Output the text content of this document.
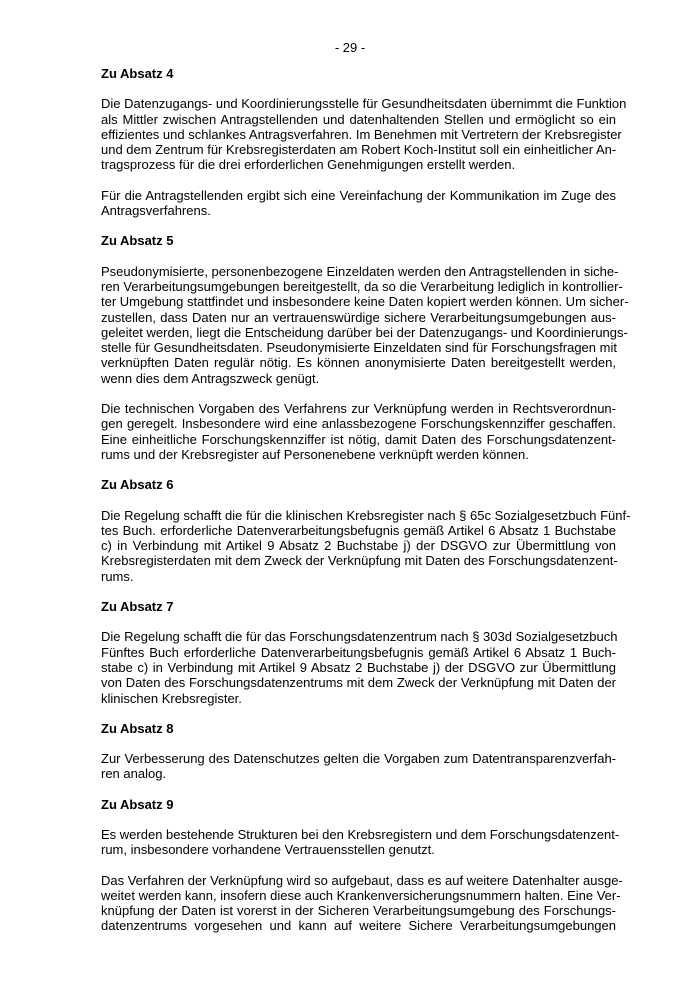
- 29 -
Zu Absatz 4
Die Datenzugangs- und Koordinierungsstelle für Gesundheitsdaten übernimmt die Funktion
als Mittler zwischen Antragstellenden und datenhaltenden Stellen und ermöglicht so ein
effizientes und schlankes Antragsverfahren. Im Benehmen mit Vertretern der Krebsregister
und dem Zentrum für Krebsregisterdaten am Robert Koch-Institut soll ein einheitlicher An-
tragsprozess für die drei erforderlichen Genehmigungen erstellt werden.
Für die Antragstellenden ergibt sich eine Vereinfachung der Kommunikation im Zuge des
Antragsverfahrens.
Zu Absatz 5
Pseudonymisierte, personenbezogene Einzeldaten werden den Antragstellenden in siche-
ren Verarbeitungsumgebungen bereitgestellt, da so die Verarbeitung lediglich in kontrollier-
ter Umgebung stattfindet und insbesondere keine Daten kopiert werden können. Um sicher-
zustellen, dass Daten nur an vertrauenswürdige sichere Verarbeitungsumgebungen aus-
geleitet werden, liegt die Entscheidung darüber bei der Datenzugangs- und Koordinierungs-
stelle für Gesundheitsdaten. Pseudonymisierte Einzeldaten sind für Forschungsfragen mit
verknüpften Daten regulär nötig. Es können anonymisierte Daten bereitgestellt werden,
wenn dies dem Antragszweck genügt.
Die technischen Vorgaben des Verfahrens zur Verknüpfung werden in Rechtsverordnun-
gen geregelt. Insbesondere wird eine anlassbezogene Forschungskennziffer geschaffen.
Eine einheitliche Forschungskennziffer ist nötig, damit Daten des Forschungsdatenzent-
rums und der Krebsregister auf Personenebene verknüpft werden können.
Zu Absatz 6
Die Regelung schafft die für die klinischen Krebsregister nach § 65c Sozialgesetzbuch Fünf-
tes Buch. erforderliche Datenverarbeitungsbefugnis gemäß Artikel 6 Absatz 1 Buchstabe
c) in Verbindung mit Artikel 9 Absatz 2 Buchstabe j) der DSGVO zur Übermittlung von
Krebsregisterdaten mit dem Zweck der Verknüpfung mit Daten des Forschungsdatenzent-
rums.
Zu Absatz 7
Die Regelung schafft die für das Forschungsdatenzentrum nach § 303d Sozialgesetzbuch
Fünftes Buch erforderliche Datenverarbeitungsbefugnis gemäß Artikel 6 Absatz 1 Buch-
stabe c) in Verbindung mit Artikel 9 Absatz 2 Buchstabe j) der DSGVO zur Übermittlung
von Daten des Forschungsdatenzentrums mit dem Zweck der Verknüpfung mit Daten der
klinischen Krebsregister.
Zu Absatz 8
Zur Verbesserung des Datenschutzes gelten die Vorgaben zum Datentransparenzverfah-
ren analog.
Zu Absatz 9
Es werden bestehende Strukturen bei den Krebsregistern und dem Forschungsdatenzent-
rum, insbesondere vorhandene Vertrauensstellen genutzt.
Das Verfahren der Verknüpfung wird so aufgebaut, dass es auf weitere Datenhalter ausge-
weitet werden kann, insofern diese auch Krankenversicherungsnummern halten. Eine Ver-
knüpfung der Daten ist vorerst in der Sicheren Verarbeitungsumgebung des Forschungs-
datenzentrums vorgesehen und kann auf weitere Sichere Verarbeitungsumgebungen
